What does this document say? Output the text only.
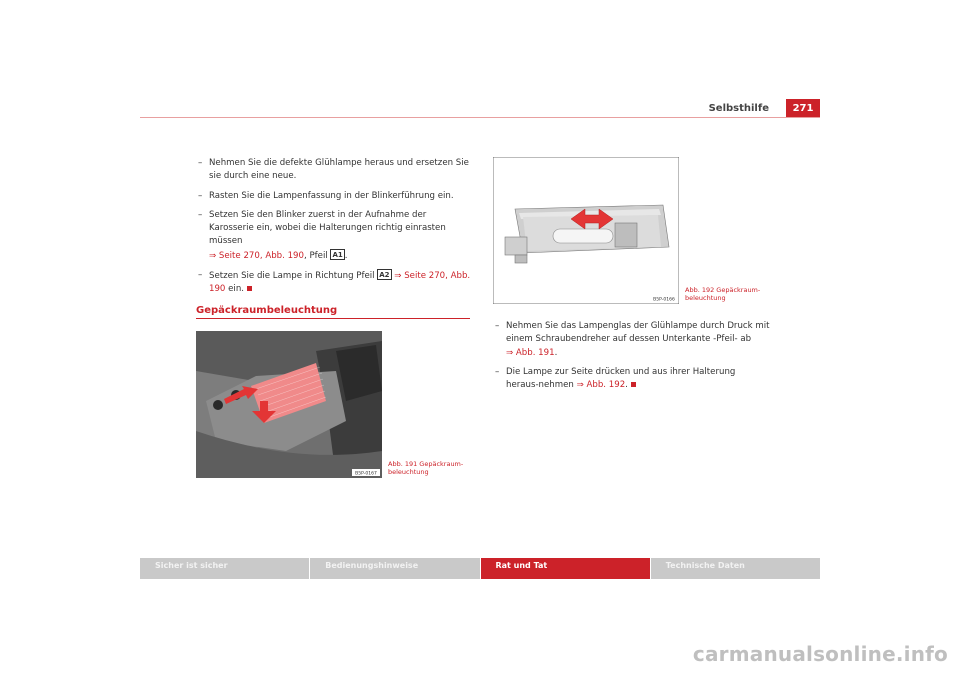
Selbsthilfe 271
– Nehmen Sie die defekte Glühlampe heraus und ersetzen Sie sie durch eine neue.
– Rasten Sie die Lampenfassung in der Blinkerführung ein.
– Setzen Sie den Blinker zuerst in der Aufnahme der Karosserie ein, wobei die Halterungen richtig einrasten müssen
⇒ Seite 270, Abb. 190, Pfeil A1 .
– Setzen Sie die Lampe in Richtung Pfeil A2 ⇒ Seite 270, Abb. 190 ein.
Gepäckraumbeleuchtung
B5P-0167
Abb. 191 Gepäckraum-
beleuchtung
B5P-0166
Abb. 192 Gepäckraum-
beleuchtung
– Nehmen Sie das Lampenglas der Glühlampe durch Druck mit einem Schraubendreher auf dessen Unterkante -Pfeil- ab
⇒ Abb. 191.
– Die Lampe zur Seite drücken und aus ihrer Halterung heraus-nehmen ⇒ Abb. 192.
Sicher ist sicher	Bedienungshinweise	Rat und Tat	Technische Daten
carmanualsonline.info
